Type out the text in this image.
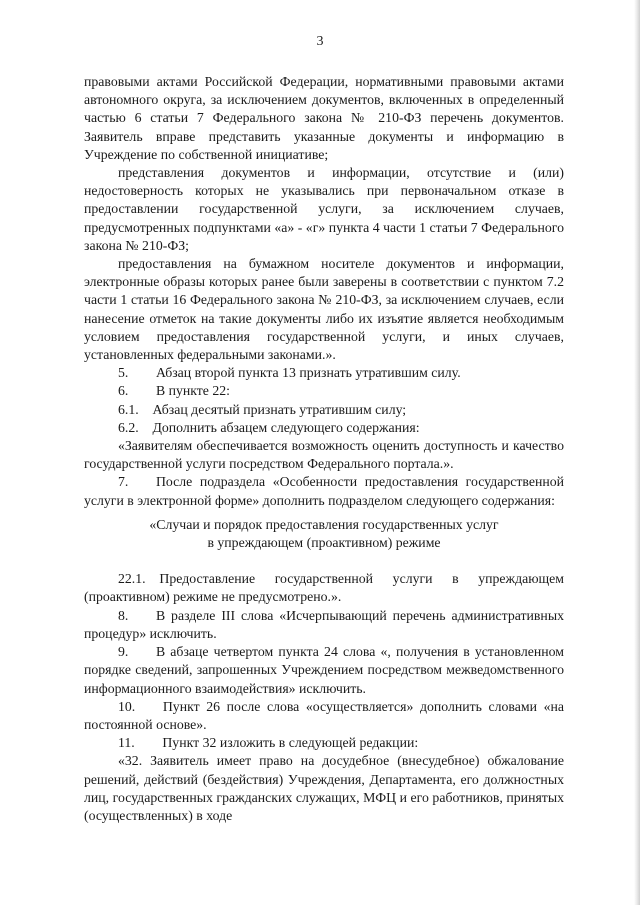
3

правовыми актами Российской Федерации, нормативными правовыми актами автономного округа, за исключением документов, включенных в определенный частью 6 статьи 7 Федерального закона № 210-ФЗ перечень документов. Заявитель вправе представить указанные документы и информацию в Учреждение по собственной инициативе;

представления документов и информации, отсутствие и (или) недостоверность которых не указывались при первоначальном отказе в предоставлении государственной услуги, за исключением случаев, предусмотренных подпунктами «а» - «г» пункта 4 части 1 статьи 7 Федерального закона № 210-ФЗ;

предоставления на бумажном носителе документов и информации, электронные образы которых ранее были заверены в соответствии с пунктом 7.2 части 1 статьи 16 Федерального закона № 210-ФЗ, за исключением случаев, если нанесение отметок на такие документы либо их изъятие является необходимым условием предоставления государственной услуги, и иных случаев, установленных федеральными законами.».

5.  Абзац второй пункта 13 признать утратившим силу.

6.  В пункте 22:

6.1. Абзац десятый признать утратившим силу;

6.2. Дополнить абзацем следующего содержания:

«Заявителям обеспечивается возможность оценить доступность и качество государственной услуги посредством Федерального портала.».

7.  После подраздела «Особенности предоставления государственной услуги в электронной форме» дополнить подразделом следующего содержания:

«Случаи и порядок предоставления государственных услуг

в упреждающем (проактивном) режиме

22.1. Предоставление государственной услуги в упреждающем (проактивном) режиме не предусмотрено.».

8.  В разделе III слова «Исчерпывающий перечень административных процедур» исключить.

9.  В абзаце четвертом пункта 24 слова «, получения в установленном порядке сведений, запрошенных Учреждением посредством межведомственного информационного взаимодействия» исключить.

10.  Пункт 26 после слова «осуществляется» дополнить словами «на постоянной основе».

11.  Пункт 32 изложить в следующей редакции:

«32. Заявитель имеет право на досудебное (внесудебное) обжалование решений, действий (бездействия) Учреждения, Департамента, его должностных лиц, государственных гражданских служащих, МФЦ и его работников, принятых (осуществленных) в ходе
